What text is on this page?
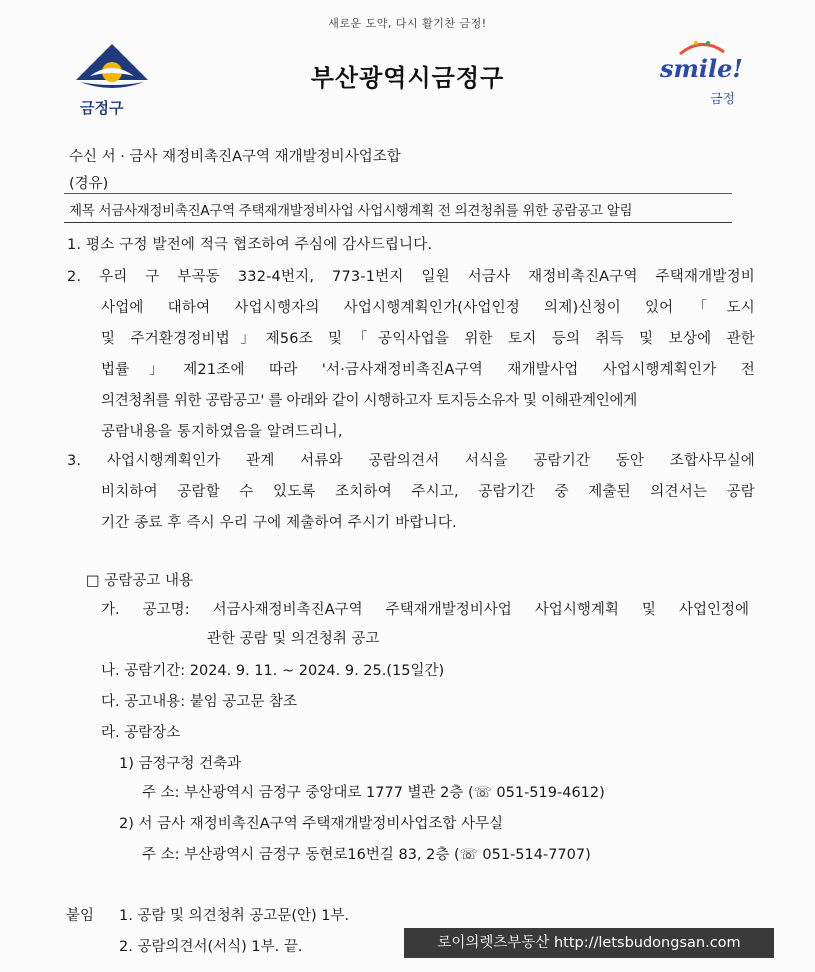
새로운 도약, 다시 활기찬 금정!
금정구
부산광역시금정구	smile!
금정
수신 서 · 금사 재정비촉진A구역 재개발정비사업조합
(경유)
제목 서금사재정비촉진A구역 주택재개발정비사업 사업시행계획 전 의견청취를 위한 공람공고 알림
1. 평소 구정 발전에 적극 협조하여 주심에 감사드립니다.
2. 우리 구 부곡동 332-4번지, 773-1번지 일원 서금사 재정비촉진A구역 주택재개발정비
사업에 대하여 사업시행자의 사업시행계획인가(사업인정 의제)신청이 있어「도시
및 주거환경정비법」제56조 및「공익사업을 위한 토지 등의 취득 및 보상에 관한
법률」제21조에 따라 '서·금사재정비촉진A구역 재개발사업 사업시행계획인가 전
의견청취를 위한 공람공고' 를 아래와 같이 시행하고자 토지등소유자 및 이해관계인에게
공람내용을 통지하였음을 알려드리니,
3. 사업시행계획인가 관계 서류와 공람의견서 서식을 공람기간 동안 조합사무실에
비치하여 공람할 수 있도록 조치하여 주시고, 공람기간 중 제출된 의견서는 공람
기간 종료 후 즉시 우리 구에 제출하여 주시기 바랍니다.
□ 공람공고 내용
가. 공고명: 서금사재정비촉진A구역 주택재개발정비사업 사업시행계획 및 사업인정에
관한 공람 및 의견청취 공고
나. 공람기간: 2024. 9. 11. ~ 2024. 9. 25.(15일간)
다. 공고내용: 붙임 공고문 참조
라. 공람장소
1) 금정구청 건축과
주 소: 부산광역시 금정구 중앙대로 1777 별관 2층 (☏ 051-519-4612)
2) 서 금사 재정비촉진A구역 주택재개발정비사업조합 사무실
주 소: 부산광역시 금정구 동현로16번길 83, 2층 (☏ 051-514-7707)
붙임 1. 공람 및 의견청취 공고문(안) 1부.
2. 공람의견서(서식) 1부. 끝.	로이의렛츠부동산 http://letsbudongsan.com
